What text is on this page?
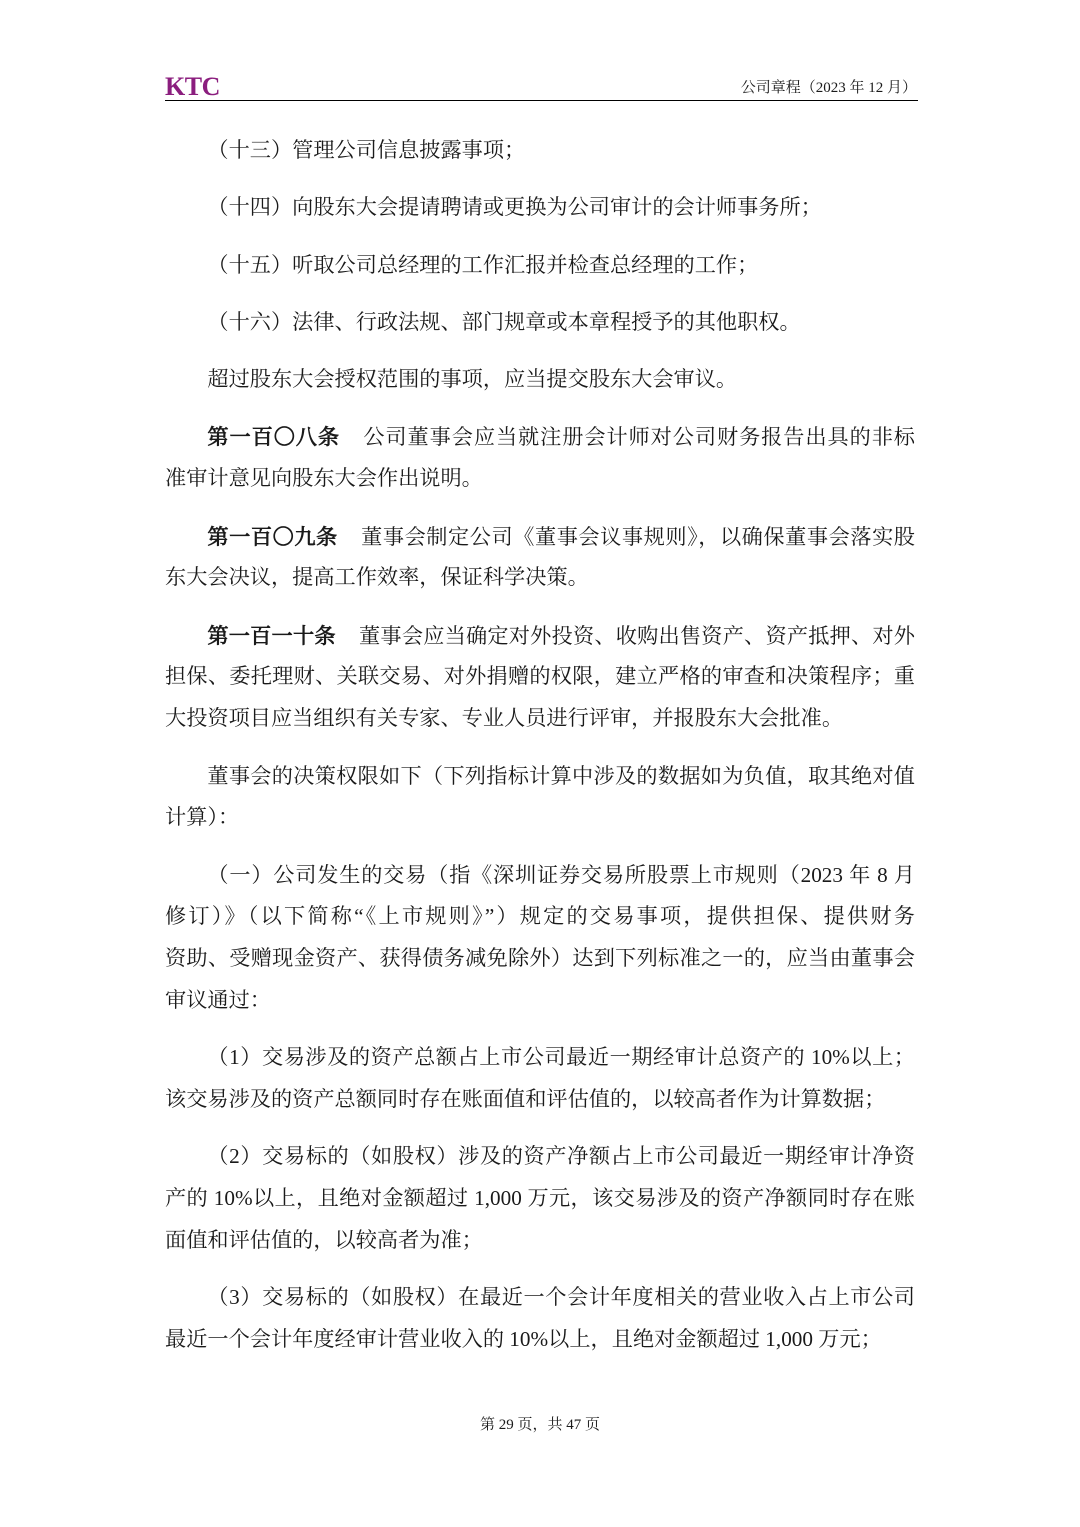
KTC	公司章程（2023 年 12 月）

（十三）管理公司信息披露事项；

（十四）向股东大会提请聘请或更换为公司审计的会计师事务所；

（十五）听取公司总经理的工作汇报并检查总经理的工作；

（十六）法律、行政法规、部门规章或本章程授予的其他职权。

超过股东大会授权范围的事项，应当提交股东大会审议。

第一百〇八条 公司董事会应当就注册会计师对公司财务报告出具的非标
准审计意见向股东大会作出说明。

第一百〇九条 董事会制定公司《董事会议事规则》，以确保董事会落实股
东大会决议，提高工作效率，保证科学决策。

第一百一十条 董事会应当确定对外投资、收购出售资产、资产抵押、对外
担保、委托理财、关联交易、对外捐赠的权限，建立严格的审查和决策程序；重
大投资项目应当组织有关专家、专业人员进行评审，并报股东大会批准。

董事会的决策权限如下（下列指标计算中涉及的数据如为负值，取其绝对值
计算）：

（一）公司发生的交易（指《深圳证券交易所股票上市规则（2023 年 8 月
修订）》（以下简称“《上市规则》”）规定的交易事项，提供担保、提供财务
资助、受赠现金资产、获得债务减免除外）达到下列标准之一的，应当由董事会
审议通过：

（1）交易涉及的资产总额占上市公司最近一期经审计总资产的 10%以上；
该交易涉及的资产总额同时存在账面值和评估值的，以较高者作为计算数据；

（2）交易标的（如股权）涉及的资产净额占上市公司最近一期经审计净资
产的 10%以上，且绝对金额超过 1,000 万元，该交易涉及的资产净额同时存在账
面值和评估值的，以较高者为准；

（3）交易标的（如股权）在最近一个会计年度相关的营业收入占上市公司
最近一个会计年度经审计营业收入的 10%以上，且绝对金额超过 1,000 万元；

第 29 页，共 47 页
